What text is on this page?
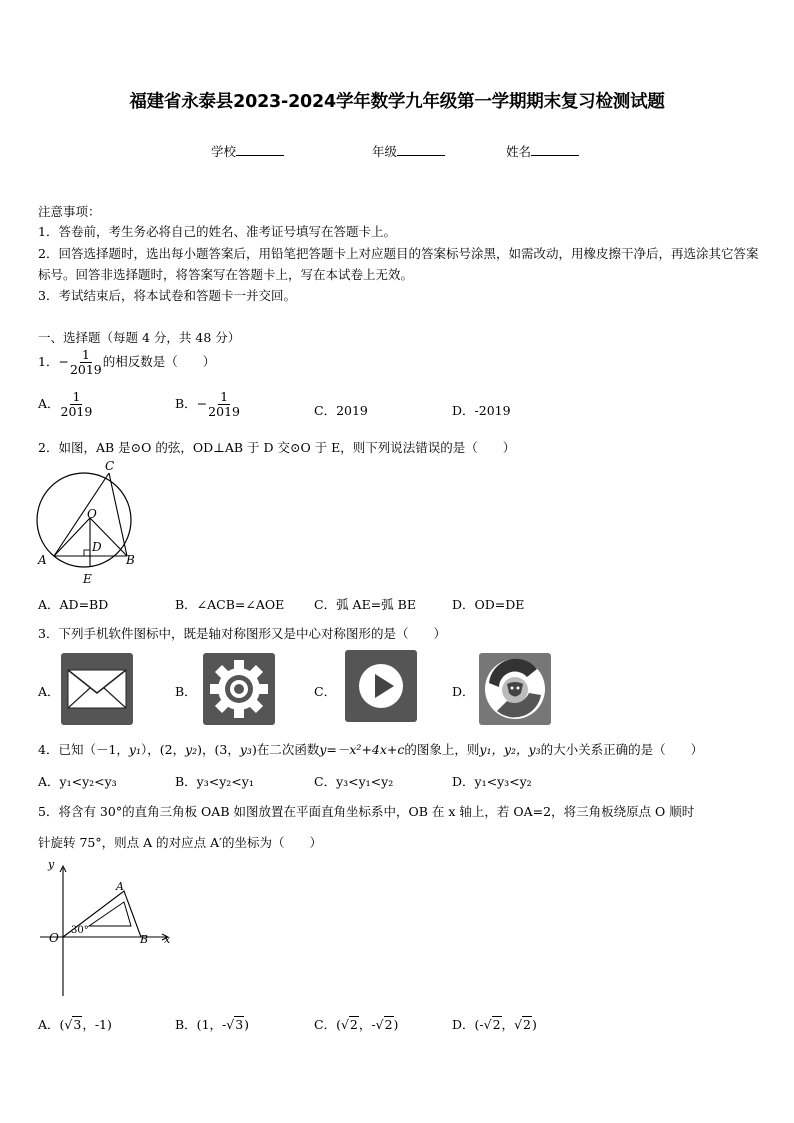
福建省永泰县2023-2024学年数学九年级第一学期期末复习检测试题
学校	年级	姓名
注意事项：
1．答卷前，考生务必将自己的姓名、准考证号填写在答题卡上。
2．回答选择题时，选出每小题答案后，用铅笔把答题卡上对应题目的答案标号涂黑，如需改动，用橡皮擦干净后，再选涂其它答案标号。回答非选择题时，将答案写在答题卡上，写在本试卷上无效。
3．考试结束后，将本试卷和答题卡一并交回。
一、选择题（每题 4 分，共 48 分）
1．− $\frac{1}{2019}$ 的相反数是（　　）
A． $\frac{1}{2019}$	B．− $\frac{1}{2019}$	C．2019	D．-2019
2．如图，AB 是⊙O 的弦，OD⊥AB 于 D 交⊙O 于 E，则下列说法错误的是（　　）
C
O
D
A	B
E
A．AD=BD	B．∠ACB=∠AOE C．弧 AE=弧 BE	D．OD=DE
3．下列手机软件图标中，既是轴对称图形又是中心对称图形的是（　　）
A．	B．	C．	D．
4．已知（－1，y₁），(2，y₂)，(3，y₃)在二次函数y=－x²+4x+c的图象上，则y₁，y₂，y₃的大小关系正确的是（　　）
A．y₁<y₂<y₃	B．y₃<y₂<y₁	C．y₃<y₁<y₂	D．y₁<y₃<y₂
5．将含有 30°的直角三角板 OAB 如图放置在平面直角坐标系中，OB 在 x 轴上，若 OA=2，将三角板绕原点 O 顺时
针旋转 75°，则点 A 的对应点 A′的坐标为（　　）
y
x
O
A
B
30°
A．(√3，-1)	B．(1，-√3)	C．(√2，-√2)	D．(-√2，√2)
